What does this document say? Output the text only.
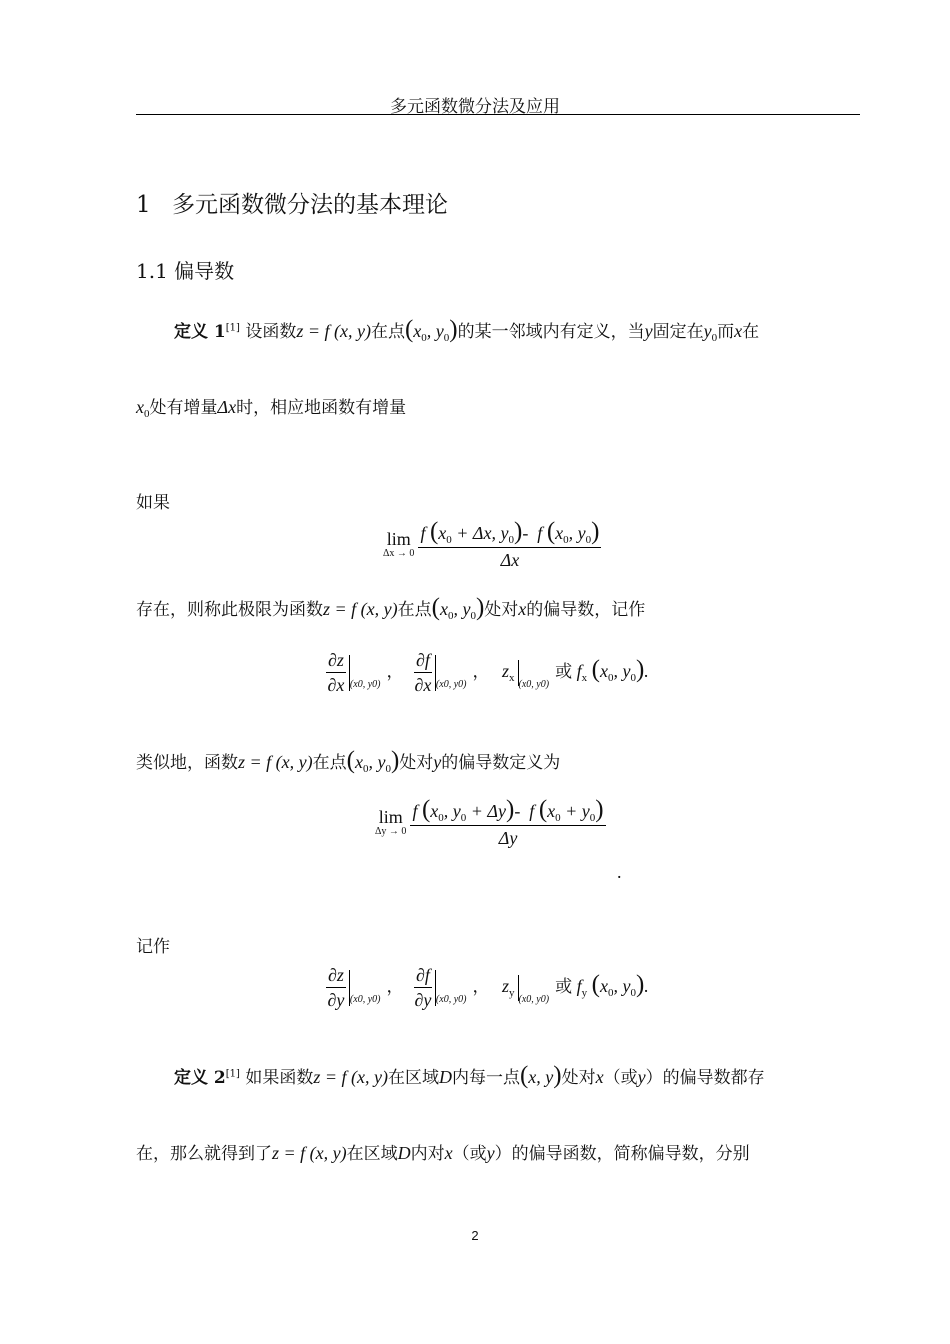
多元函数微分法及应用
1 多元函数微分法的基本理论
1.1 偏导数
定义 1[1] 设函数z = f (x, y)在点($x_0$, $y_0$)的某一邻域内有定义，当y固定在$y_0$而x在
$x_0$处有增量Δx时，相应地函数有增量
如果
lim
$\Delta x \to 0 \frac{f (x_0 + \Delta x, y_0)- f (x_0, y_0)}{\Delta x}$
存在，则称此极限为函数z = f (x, y)在点($x_0$, $y_0$)处对x的偏导数，记作
$\frac{\partial z}{\partial x} (x0$, y0)， $\frac{\partial f}{\partial x} (x0$, y0)， $z_x(x0$, y0)或 $f_x$ ($x_0$, $y_0$).
类似地，函数z = f (x, y)在点($x_0$, $y_0$)处对y的偏导数定义为
lim
$\Delta y \to 0 \frac{f (x_0, y_0 + \Delta y)- f (x_0 + y_0)}{\Delta y}$
.
记作
$\frac{\partial z}{\partial y} (x0$, y0)， $\frac{\partial f}{\partial y} (x0$, y0)， $z_y(x0$, y0)或 $f_y$ ($x_0$, $y_0$).
定义 2[1] 如果函数z = f (x, y)在区域D内每一点(x, y)处对x（或y）的偏导数都存
在，那么就得到了z = f (x, y)在区域D内对x（或y）的偏导函数，简称偏导数，分别
2
